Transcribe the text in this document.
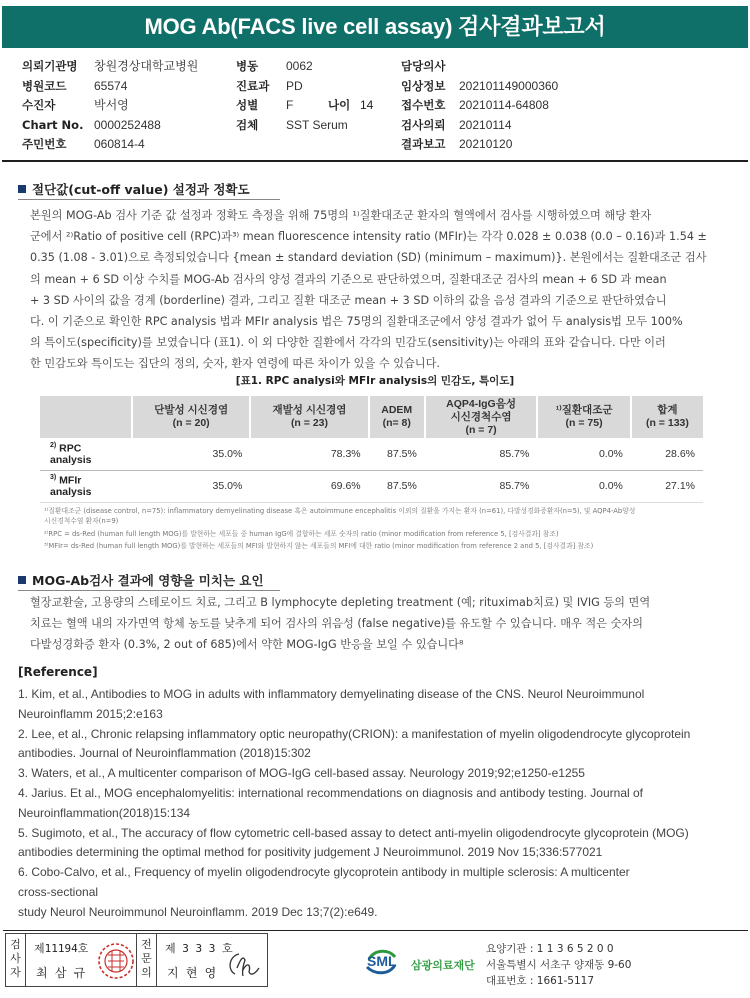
MOG Ab(FACS live cell assay) 검사결과보고서
의뢰기관명 창원경상대학교병원
병원코드 65574
수진자	박서영
Chart No. 0000252488
주민번호 060814-4
병동 0062
진료과 PD
성별 F	나이 14
검체 SST Serum
담당의사
임상정보 20210114900036​0
접수번호 20210114-64808
검사의뢰 20210114
결과보고 20210120
절단값(cut-off value) 설정과 정확도
본원의 MOG-Ab 검사 기준 값 설정과 정확도 측정을 위해 75명의 ¹⁾질환대조군 환자의 혈액에서 검사를 시행하였으며 해당 환자
군에서 ²⁾Ratio of positive cell (RPC)과³⁾ mean fluorescence intensity ratio (MFIr)는 각각 0.028 ± 0.038 (0.0 – 0.16)과 1.54 ±
0.35 (1.08 - 3.01)으로 측정되었습니다 {mean ± standard deviation (SD) (minimum – maximum)}. 본원에서는 질환대조군 검사
의 mean + 6 SD 이상 수치를 MOG-Ab 검사의 양성 결과의 기준으로 판단하였으며, 질환대조군 검사의 mean + 6 SD 과 mean
+ 3 SD 사이의 값을 경계 (borderline) 결과, 그리고 질환 대조군 mean + 3 SD 이하의 값을 음성 결과의 기준으로 판단하였습니
다. 이 기준으로 확인한 RPC analysis 법과 MFIr analysis 법은 75명의 질환대조군에서 양성 결과가 없어 두 analysis법 모두 100%
의 특이도(specificity)를 보였습니다 (표1). 이 외 다양한 질환에서 각각의 민감도(sensitivity)는 아래의 표와 같습니다. 다만 이러
한 민감도와 특이도는 집단의 정의, 숫자, 환자 연령에 따른 차이가 있을 수 있습니다.
[표1. RPC analysi와 MFIr analysis의 민감도, 특이도]
	단발성 시신경염
(n = 20)	재발성 시신경염
(n = 23)	ADEM
(n= 8)	AQP4-IgG음성
시신경척수염
(n = 7)	¹⁾질환대조군
(n = 75)	합계
(n = 133)
$^{2)}$ RPC analysis	35.0%	78.3%	87.5%	85.7%	0.0%	28.6%
$^{3)}$ MFIr analysis	35.0%	69.6%	87.5%	85.7%	0.0%	27.1%
¹⁾질환대조군 (disease control, n=75): inflammatory demyelinating disease 혹은 autoimmune encephalitis 이외의 질환을 가지는 환자 (n=61), 다발성경화증환자(n=5), 및 AQP4-Ab양성
시신경척수염 환자(n=9)
²⁾RPC = ds-Red (human full length MOG)를 발현하는 세포들 중 human IgG에 결합하는 세포 숫자의 ratio (minor modification from reference 5, [검사결과] 참조)
³⁾MFIr= ds-Red (human full length MOG)를 발현하는 세포들의 MFI와 발현하지 않는 세포들의 MFI에 대한 ratio (minor modification from reference 2 and 5, [검사결과] 참조)
MOG-Ab검사 결과에 영향을 미치는 요인
혈장교환술, 고용량의 스테로이드 치료, 그리고 B lymphocyte depleting treatment (예; rituximab치료) 및 IVIG 등의 면역
치료는 혈액 내의 자가면역 항체 농도를 낮추게 되어 검사의 위음성 (false negative)를 유도할 수 있습니다. 매우 적은 숫자의
다발성경화증 환자 (0.3%, 2 out of 685)에서 약한 MOG-IgG 반응을 보일 수 있습니다⁸
[Reference]
1. Kim, et al., Antibodies to MOG in adults with inflammatory demyelinating disease of the CNS. Neurol Neuroimmunol
Neuroinflamm 2015;2:e163
2. Lee, et al., Chronic relapsing inflammatory optic neuropathy(CRION): a manifestation of myelin oligodendrocyte glycoprotein
antibodies. Journal of Neuroinflammation (2018)15:302
3. Waters, et al., A multicenter comparison of MOG-IgG cell-based assay. Neurology 2019;92;e1250-e1255
4. Jarius. Et al., MOG encephalomyelitis: international recommendations on diagnosis and antibody testing. Journal of
Neuroinflammation(2018)15:134
5. Sugimoto, et al., The accuracy of flow cytometric cell-based assay to detect anti-myelin oligodendrocyte glycoprotein (MOG)
antibodies determining the optimal method for positivity judgement J Neuroimmunol. 2019 Nov 15;336:577021
6. Cobo-Calvo, et al., Frequency of myelin oligodendrocyte glycoprotein antibody in multiple sclerosis: A multicenter
cross-sectional
study Neurol Neuroimmunol Neuroinflamm. 2019 Dec 13;7(2):e649.
검
사
자
제11194호
최 삼 규
전
문
의
제 3 3 3 호
지 현 영
SML 삼광의료재단
요양기관 : 1 1 3 6 5 2 0 0
서울특별시 서초구 양재동 9-60
대표번호 : 1661-5117
